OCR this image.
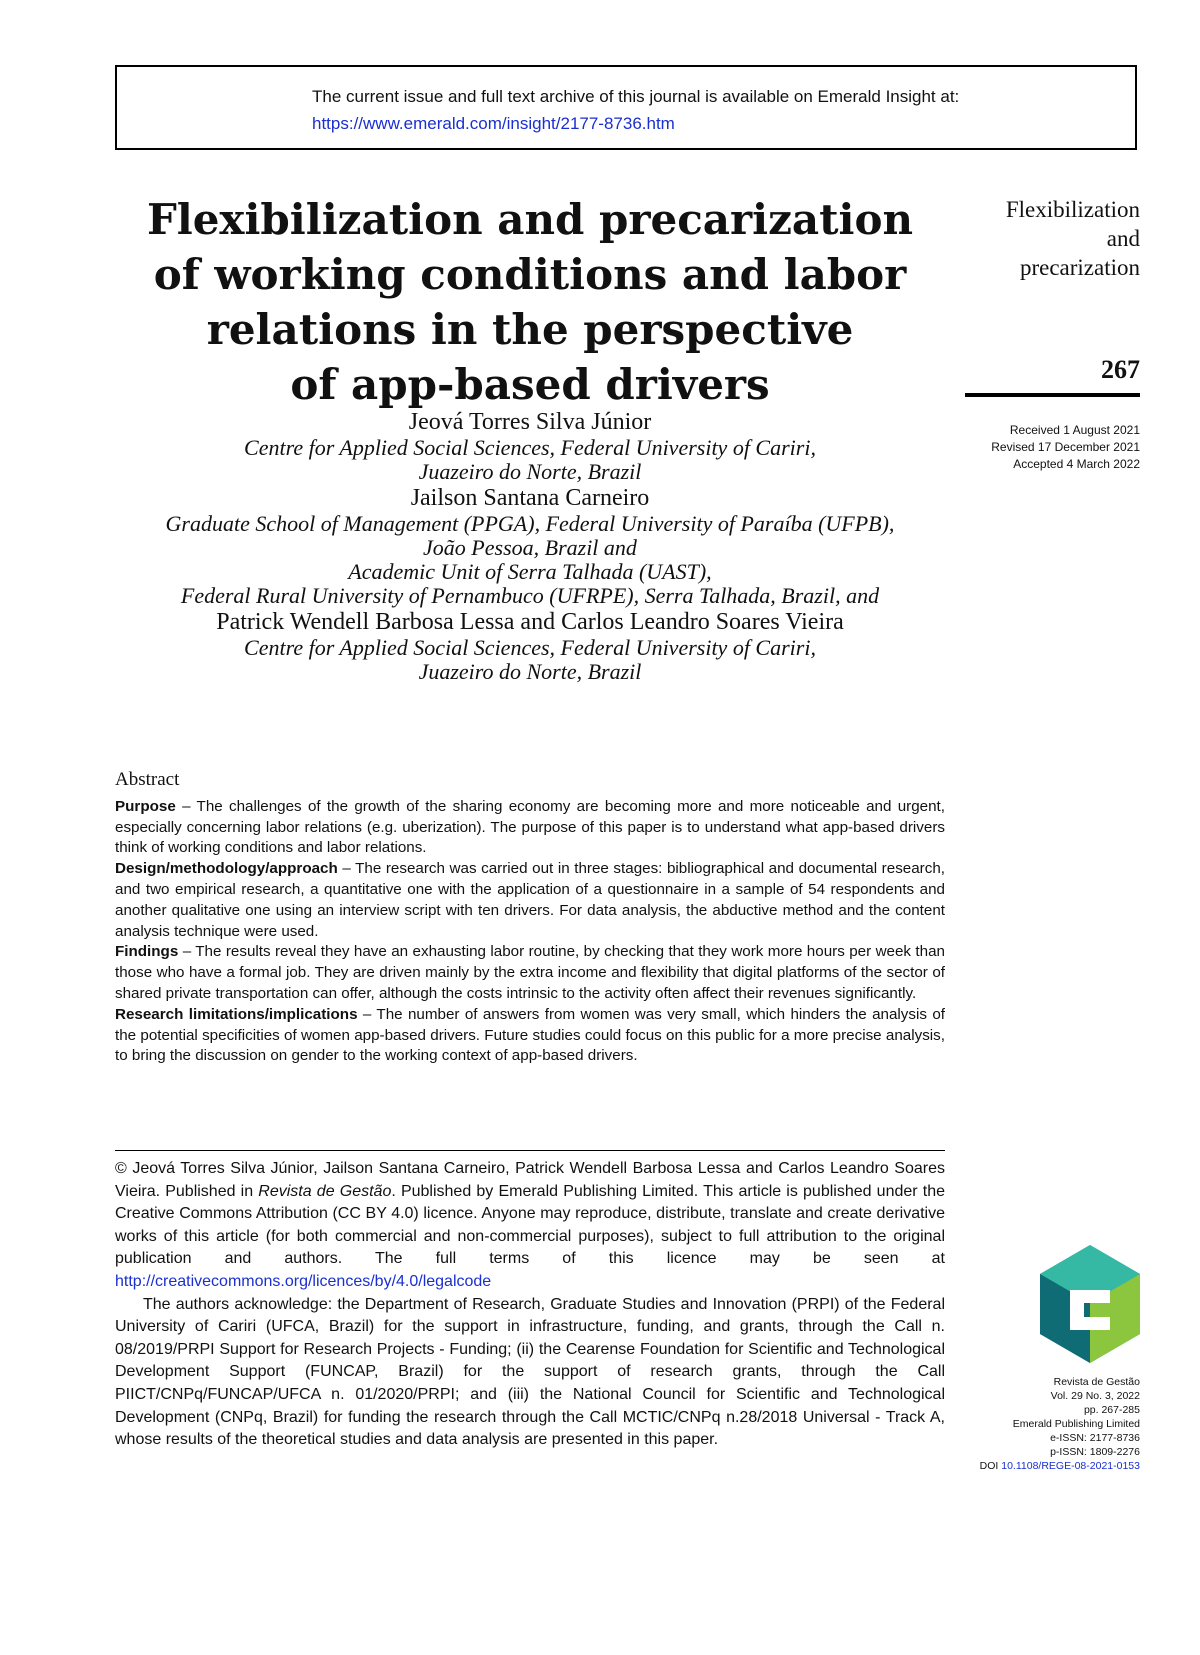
The current issue and full text archive of this journal is available on Emerald Insight at:
https://www.emerald.com/insight/2177-8736.htm
Flexibilization and precarization
of working conditions and labor
relations in the perspective
of app-based drivers
Flexibilization
and
precarization
267
Received 1 August 2021
Revised 17 December 2021
Accepted 4 March 2022
Jeová Torres Silva Júnior
Centre for Applied Social Sciences, Federal University of Cariri,
Juazeiro do Norte, Brazil
Jailson Santana Carneiro
Graduate School of Management (PPGA), Federal University of Paraíba (UFPB),
João Pessoa, Brazil and
Academic Unit of Serra Talhada (UAST),
Federal Rural University of Pernambuco (UFRPE), Serra Talhada, Brazil, and
Patrick Wendell Barbosa Lessa and Carlos Leandro Soares Vieira
Centre for Applied Social Sciences, Federal University of Cariri,
Juazeiro do Norte, Brazil
Abstract

Purpose – The challenges of the growth of the sharing economy are becoming more and more noticeable and urgent, especially concerning labor relations (e.g. uberization). The purpose of this paper is to understand what app-based drivers think of working conditions and labor relations.

Design/methodology/approach – The research was carried out in three stages: bibliographical and documental research, and two empirical research, a quantitative one with the application of a questionnaire in a sample of 54 respondents and another qualitative one using an interview script with ten drivers. For data analysis, the abductive method and the content analysis technique were used.

Findings – The results reveal they have an exhausting labor routine, by checking that they work more hours per week than those who have a formal job. They are driven mainly by the extra income and flexibility that digital platforms of the sector of shared private transportation can offer, although the costs intrinsic to the activity often affect their revenues significantly.

Research limitations/implications – The number of answers from women was very small, which hinders the analysis of the potential specificities of women app-based drivers. Future studies could focus on this public for a more precise analysis, to bring the discussion on gender to the working context of app-based drivers.

© Jeová Torres Silva Júnior, Jailson Santana Carneiro, Patrick Wendell Barbosa Lessa and Carlos Leandro Soares Vieira. Published in Revista de Gestão. Published by Emerald Publishing Limited. This article is published under the Creative Commons Attribution (CC BY 4.0) licence. Anyone may reproduce, distribute, translate and create derivative works of this article (for both commercial and non-commercial purposes), subject to full attribution to the original publication and authors. The full terms of this licence may be seen at http://creativecommons.org/licences/by/4.0/legalcode

The authors acknowledge: the Department of Research, Graduate Studies and Innovation (PRPI) of the Federal University of Cariri (UFCA, Brazil) for the support in infrastructure, funding, and grants, through the Call n. 08/2019/PRPI Support for Research Projects - Funding; (ii) the Cearense Foundation for Scientific and Technological Development Support (FUNCAP, Brazil) for the support of research grants, through the Call PIICT/CNPq/FUNCAP/UFCA n. 01/2020/PRPI; and (iii) the National Council for Scientific and Technological Development (CNPq, Brazil) for funding the research through the Call MCTIC/CNPq n.28/2018 Universal - Track A, whose results of the theoretical studies and data analysis are presented in this paper.

Revista de Gestão
Vol. 29 No. 3, 2022
pp. 267-285
Emerald Publishing Limited
e-ISSN: 2177-8736
p-ISSN: 1809-2276
DOI 10.1108/REGE-08-2021-0153
